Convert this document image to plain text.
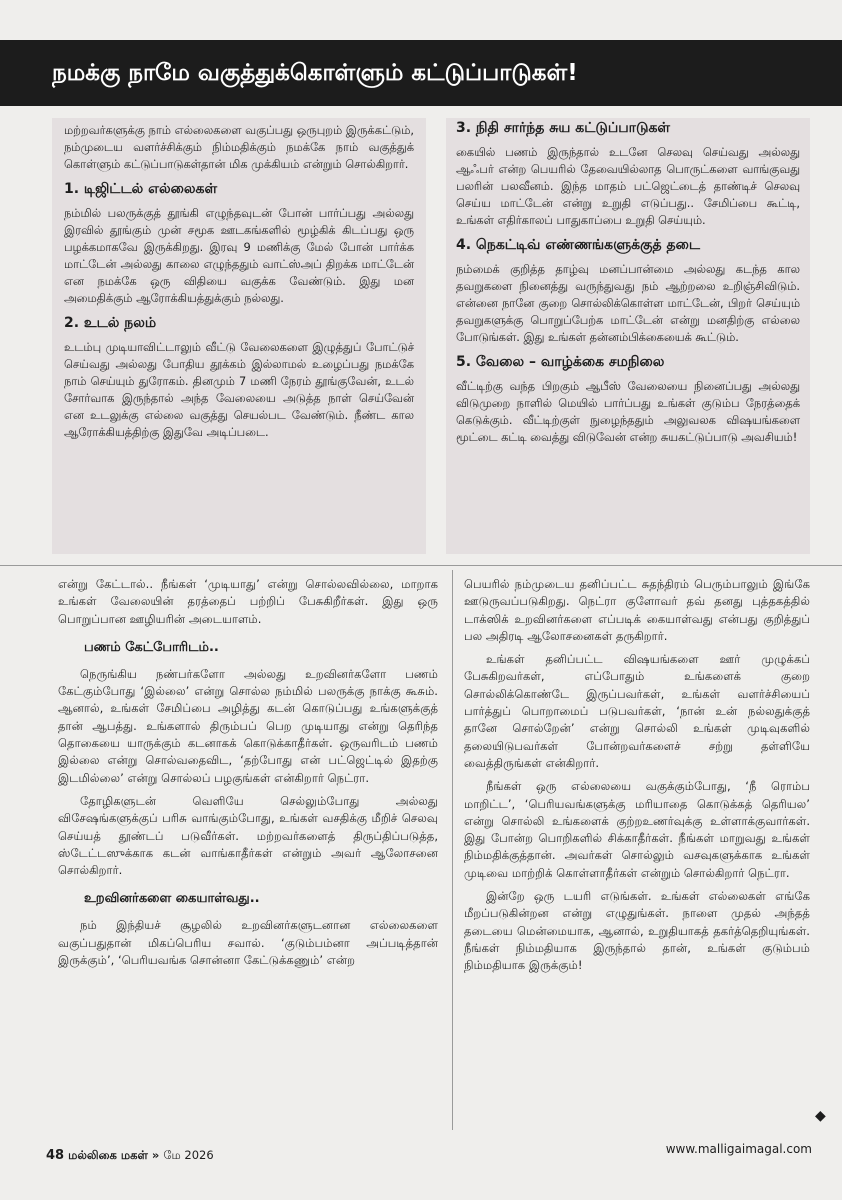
நமக்கு நாமே வகுத்துக்கொள்ளும் கட்டுப்பாடுகள்!

மற்றவர்களுக்கு நாம் எல்லைகளை வகுப்பது ஒருபுறம் இருக்கட்டும், நம்முடைய வளர்ச்சிக்கும் நிம்மதிக்கும் நமக்கே நாம் வகுத்துக் கொள்ளும் கட்டுப்பாடுகள்தான் மிக முக்கியம் என்றும் சொல்கிறார்.

1. டிஜிட்டல் எல்லைகள்

நம்மில் பலருக்குத் தூங்கி எழுந்தவுடன் போன் பார்ப்பது அல்லது இரவில் தூங்கும் முன் சமூக ஊடகங்களில் மூழ்கிக் கிடப்பது ஒரு பழக்கமாகவே இருக்கிறது. இரவு 9 மணிக்கு மேல் போன் பார்க்க மாட்டேன் அல்லது காலை எழுந்ததும் வாட்ஸ்அப் திறக்க மாட்டேன் என நமக்கே ஒரு விதியை வகுக்க வேண்டும். இது மன அமைதிக்கும் ஆரோக்கியத்துக்கும் நல்லது.

2. உடல் நலம்

உடம்பு முடியாவிட்டாலும் வீட்டு வேலைகளை இழுத்துப் போட்டுச் செய்வது அல்லது போதிய தூக்கம் இல்லாமல் உழைப்பது நமக்கே நாம் செய்யும் துரோகம். தினமும் 7 மணி நேரம் தூங்குவேன், உடல் சோர்வாக இருந்தால் அந்த வேலையை அடுத்த நாள் செய்வேன் என உடலுக்கு எல்லை வகுத்து செயல்பட வேண்டும். நீண்ட கால ஆரோக்கியத்திற்கு இதுவே அடிப்படை.

3. நிதி சார்ந்த சுய கட்டுப்பாடுகள்

கையில் பணம் இருந்தால் உடனே செலவு செய்வது அல்லது ஆஃபர் என்ற பெயரில் தேவையில்லாத பொருட்களை வாங்குவது பலரின் பலவீனம். இந்த மாதம் பட்ஜெட்டைத் தாண்டிச் செலவு செய்ய மாட்டேன் என்று உறுதி எடுப்பது.. சேமிப்பை கூட்டி, உங்கள் எதிர்காலப் பாதுகாப்பை உறுதி செய்யும்.

4. நெகட்டிவ் எண்ணங்களுக்குத் தடை

நம்மைக் குறித்த தாழ்வு மனப்பான்மை அல்லது கடந்த கால தவறுகளை நினைத்து வருந்துவது நம் ஆற்றலை உறிஞ்சிவிடும். என்னை நானே குறை சொல்லிக்கொள்ள மாட்டேன், பிறர் செய்யும் தவறுகளுக்கு பொறுப்பேற்க மாட்டேன் என்று மனதிற்கு எல்லை போடுங்கள். இது உங்கள் தன்னம்பிக்கையைக் கூட்டும்.

5. வேலை – வாழ்க்கை சமநிலை

வீட்டிற்கு வந்த பிறகும் ஆபீஸ் வேலையை நினைப்பது அல்லது விடுமுறை நாளில் மெயில் பார்ப்பது உங்கள் குடும்ப நேரத்தைக் கெடுக்கும். வீட்டிற்குள் நுழைந்ததும் அலுவலக விஷயங்களை மூட்டை கட்டி வைத்து விடுவேன் என்ற சுயகட்டுப்பாடு அவசியம்!

என்று கேட்டால்.. நீங்கள் ‘முடியாது’ என்று சொல்லவில்லை, மாறாக உங்கள் வேலையின் தரத்தைப் பற்றிப் பேசுகிறீர்கள். இது ஒரு பொறுப்பான ஊழியரின் அடையாளம்.

பணம் கேட்போரிடம்..

நெருங்கிய நண்பர்களோ அல்லது உறவினர்களோ பணம் கேட்கும்போது ‘இல்லை’ என்று சொல்ல நம்மில் பலருக்கு நாக்கு கூசும். ஆனால், உங்கள் சேமிப்பை அழித்து கடன் கொடுப்பது உங்களுக்குத் தான் ஆபத்து. உங்களால் திரும்பப் பெற முடியாது என்று தெரிந்த தொகையை யாருக்கும் கடனாகக் கொடுக்காதீர்கள். ஒருவரிடம் பணம் இல்லை என்று சொல்வதைவிட, ‘தற்போது என் பட்ஜெட்டில் இதற்கு இடமில்லை’ என்று சொல்லப் பழகுங்கள் என்கிறார் நெட்ரா.

தோழிகளுடன் வெளியே செல்லும்போது அல்லது விசேஷங்களுக்குப் பரிசு வாங்கும்போது, உங்கள் வசதிக்கு மீறிச் செலவு செய்யத் தூண்டப் படுவீர்கள். மற்றவர்களைத் திருப்திப்படுத்த, ஸ்டேட்டஸுக்காக கடன் வாங்காதீர்கள் என்றும் அவர் ஆலோசனை சொல்கிறார்.

உறவினர்களை கையாள்வது..

நம் இந்தியச் சூழலில் உறவினர்களுடனான எல்லைகளை வகுப்பதுதான் மிகப்பெரிய சவால். ‘குடும்பம்னா அப்படித்தான் இருக்கும்’, ‘பெரியவங்க சொன்னா கேட்டுக்கணும்’ என்ற

பெயரில் நம்முடைய தனிப்பட்ட சுதந்திரம் பெரும்பாலும் இங்கே ஊடுருவப்படுகிறது. நெட்ரா குளோவர் தவ் தனது புத்தகத்தில் டாக்ஸிக் உறவினர்களை எப்படிக் கையாள்வது என்பது குறித்துப் பல அதிரடி ஆலோசனைகள் தருகிறார்.

உங்கள் தனிப்பட்ட விஷயங்களை ஊர் முழுக்கப் பேசுகிறவர்கள், எப்போதும் உங்களைக் குறை சொல்லிக்கொண்டே இருப்பவர்கள், உங்கள் வளர்ச்சியைப் பார்த்துப் பொறாமைப் படுபவர்கள், ‘நான் உன் நல்லதுக்குத் தானே சொல்றேன்’ என்று சொல்லி உங்கள் முடிவுகளில் தலையிடுபவர்கள் போன்றவர்களைச் சற்று தள்ளியே வைத்திருங்கள் என்கிறார்.

நீங்கள் ஒரு எல்லையை வகுக்கும்போது, ‘நீ ரொம்ப மாறிட்ட’, ‘பெரியவங்களுக்கு மரியாதை கொடுக்கத் தெரியல’ என்று சொல்லி உங்களைக் குற்றஉணர்வுக்கு உள்ளாக்குவார்கள். இது போன்ற பொறிகளில் சிக்காதீர்கள். நீங்கள் மாறுவது உங்கள் நிம்மதிக்குத்தான். அவர்கள் சொல்லும் வசவுகளுக்காக உங்கள் முடிவை மாற்றிக் கொள்ளாதீர்கள் என்றும் சொல்கிறார் நெட்ரா.

இன்றே ஒரு டயரி எடுங்கள். உங்கள் எல்லைகள் எங்கே மீறப்படுகின்றன என்று எழுதுங்கள். நாளை முதல் அந்தத் தடையை மென்மையாக, ஆனால், உறுதியாகத் தகர்த்தெறியுங்கள். நீங்கள் நிம்மதியாக இருந்தால் தான், உங்கள் குடும்பம் நிம்மதியாக இருக்கும்!

◆
48 மல்லிகை மகள் » மே 2026	www.malligaimagal.com
